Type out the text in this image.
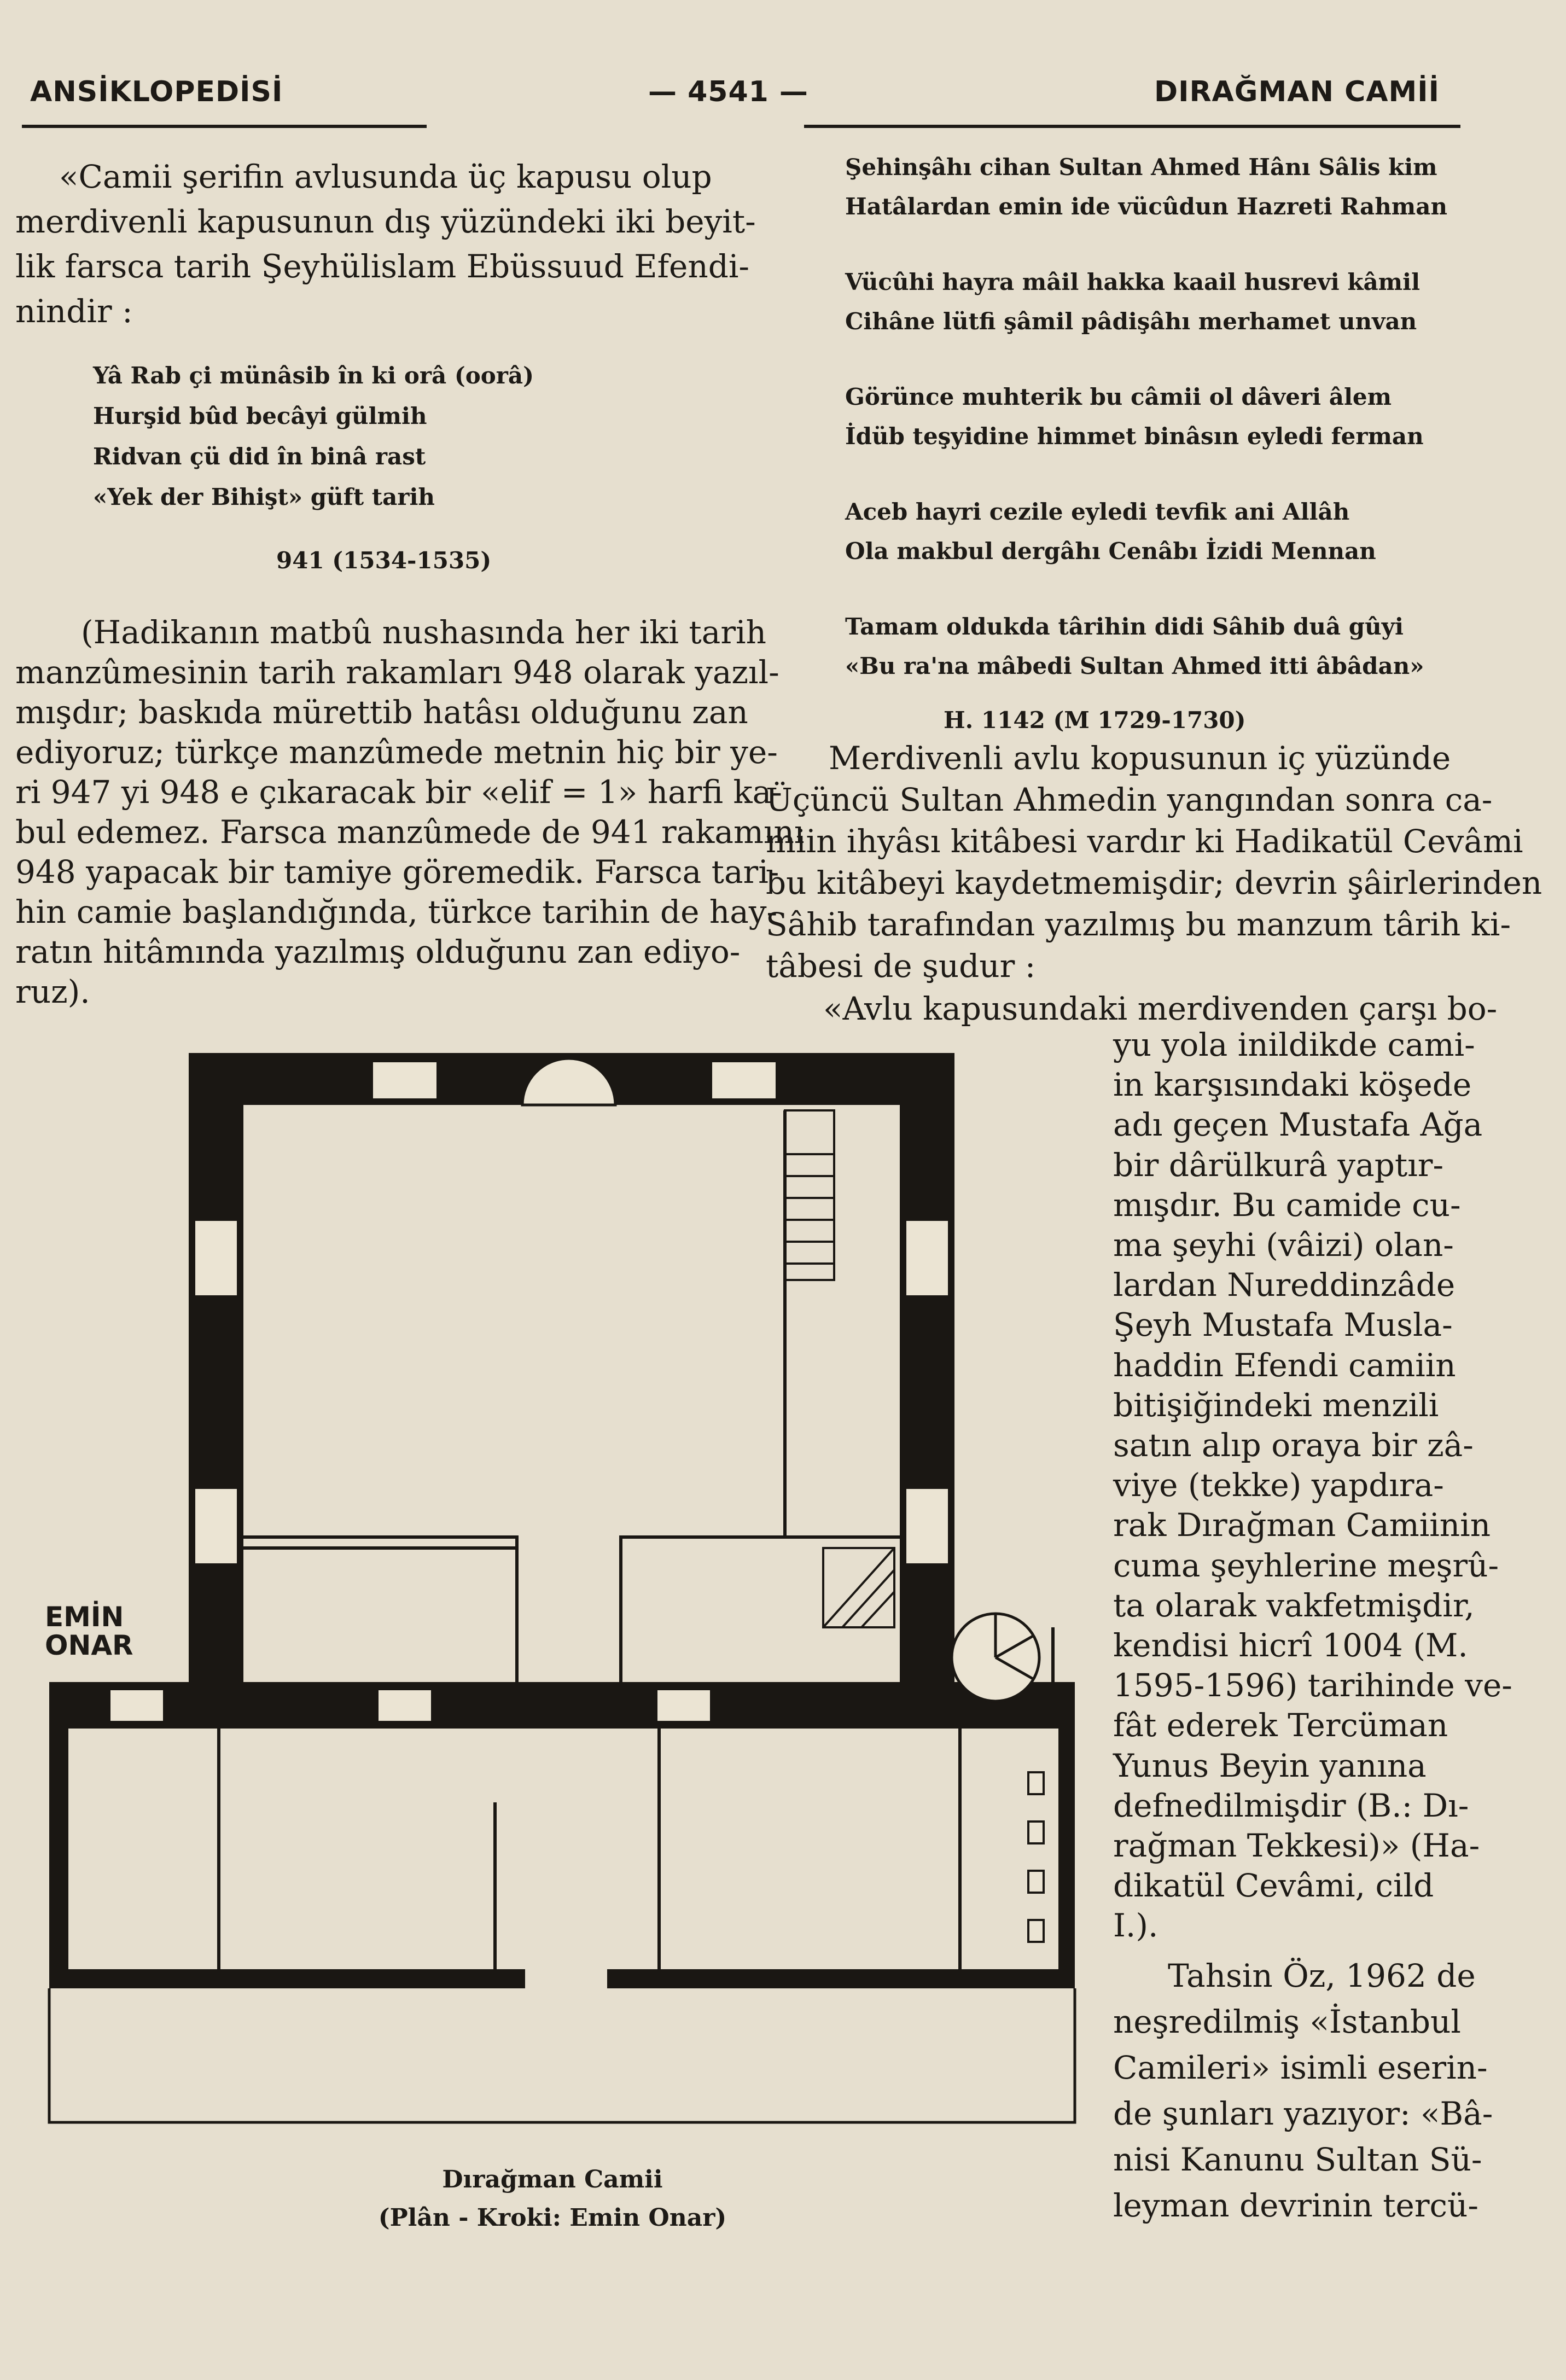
ANSİKLOPEDİSİ	— 4541 —	DIRAĞMAN CAMİİ
«Camii şerifin avlusunda üç kapusu olup
merdivenli kapusunun dış yüzündeki iki beyit-
lik farsca tarih Şeyhülislam Ebüssuud Efendi-
nindir :
Yâ Rab çi münâsib în ki orâ (oorâ)
Hurşid bûd becâyi gülmih
Ridvan çü did în binâ rast
«Yek der Bihişt» güft tarih
941 (1534-1535)
(Hadikanın matbû nushasında her iki tarih
manzûmesinin tarih rakamları 948 olarak yazıl-
mışdır; baskıda mürettib hatâsı olduğunu zan
ediyoruz; türkçe manzûmede metnin hiç bir ye-
ri 947 yi 948 e çıkaracak bir «elif = 1» harfi ka-
bul edemez. Farsca manzûmede de 941 rakamını
948 yapacak bir tamiye göremedik. Farsca tari-
hin camie başlandığında, türkce tarihin de hay-
ratın hitâmında yazılmış olduğunu zan ediyo-
ruz).
Şehinşâhı cihan Sultan Ahmed Hânı Sâlis kim
Hatâlardan emin ide vücûdun Hazreti Rahman
Vücûhi hayra mâil hakka kaail husrevi kâmil
Cihâne lütfi şâmil pâdişâhı merhamet unvan
Görünce muhterik bu câmii ol dâveri âlem
İdüb teşyidine himmet binâsın eyledi ferman
Aceb hayri cezile eyledi tevfik ani Allâh
Ola makbul dergâhı Cenâbı İzidi Mennan
Tamam oldukda târihin didi Sâhib duâ gûyi
«Bu ra'na mâbedi Sultan Ahmed itti âbâdan»
H. 1142 (M 1729-1730)
Merdivenli avlu kopusunun iç yüzünde
Üçüncü Sultan Ahmedin yangından sonra ca-
miin ihyâsı kitâbesi vardır ki Hadikatül Cevâmi
bu kitâbeyi kaydetmemişdir; devrin şâirlerinden
Sâhib tarafından yazılmış bu manzum târih ki-
tâbesi de şudur :
«Avlu kapusundaki merdivenden çarşı bo-
yu yola inildikde cami-
in karşısındaki köşede
adı geçen Mustafa Ağa
bir dârülkurâ yaptır-
mışdır. Bu camide cu-
ma şeyhi (vâizi) olan-
lardan Nureddinzâde
Şeyh Mustafa Musla-
haddin Efendi camiin
bitişiğindeki menzili
satın alıp oraya bir zâ-
viye (tekke) yapdıra-
rak Dırağman Camiinin
cuma şeyhlerine meşrû-
ta olarak vakfetmişdir,
kendisi hicrî 1004 (M.
1595-1596) tarihinde ve-
fât ederek Tercüman
Yunus Beyin yanına
defnedilmişdir (B.: Dı-
rağman Tekkesi)» (Ha-
dikatül Cevâmi, cild
I.).
Tahsin Öz, 1962 de
neşredilmiş «İstanbul
Camileri» isimli eserin-
de şunları yazıyor: «Bâ-
nisi Kanunu Sultan Sü-
leyman devrinin tercü-
EMİN ONAR
Dırağman Camii
(Plân - Kroki: Emin Onar)
